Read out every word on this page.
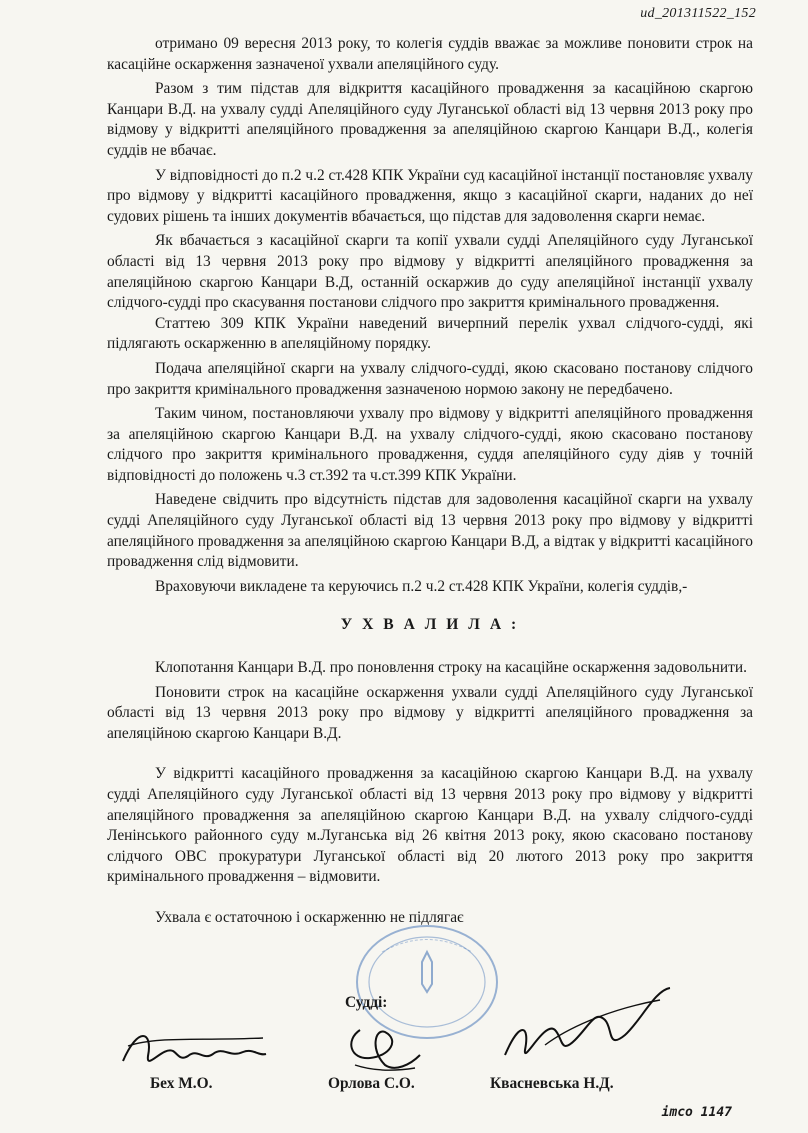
ud_201311522_152

отримано 09 вересня 2013 року, то колегія суддів вважає за можливе поновити строк на касаційне оскарження зазначеної ухвали апеляційного суду.

Разом з тим підстав для відкриття касаційного провадження за касаційною скаргою Канцари В.Д. на ухвалу судді Апеляційного суду Луганської області від 13 червня 2013 року про відмову у відкритті апеляційного провадження за апеляційною скаргою Канцари В.Д., колегія суддів не вбачає.

У відповідності до п.2 ч.2 ст.428 КПК України суд касаційної інстанції постановляє ухвалу про відмову у відкритті касаційного провадження, якщо з касаційної скарги, наданих до неї судових рішень та інших документів вбачається, що підстав для задоволення скарги немає.

Як вбачається з касаційної скарги та копії ухвали судді Апеляційного суду Луганської області від 13 червня 2013 року про відмову у відкритті апеляційного провадження за апеляційною скаргою Канцари В.Д, останній оскаржив до суду апеляційної інстанції ухвалу слідчого-судді про скасування постанови слідчого про закриття кримінального провадження.

Статтею 309 КПК України наведений вичерпний перелік ухвал слідчого-судді, які підлягають оскарженню в апеляційному порядку.

Подача апеляційної скарги на ухвалу слідчого-судді, якою скасовано постанову слідчого про закриття кримінального провадження зазначеною нормою закону не передбачено.

Таким чином, постановляючи ухвалу про відмову у відкритті апеляційного провадження за апеляційною скаргою Канцари В.Д. на ухвалу слідчого-судді, якою скасовано постанову слідчого про закриття кримінального провадження, суддя апеляційного суду діяв у точній відповідності до положень ч.3 ст.392 та ч.ст.399 КПК України.

Наведене свідчить про відсутність підстав для задоволення касаційної скарги на ухвалу судді Апеляційного суду Луганської області від 13 червня 2013 року про відмову у відкритті апеляційного провадження за апеляційною скаргою Канцари В.Д, а відтак у відкритті касаційного провадження слід відмовити.

Враховуючи викладене та керуючись п.2 ч.2 ст.428 КПК України, колегія суддів,-

У Х В А Л И Л А :

Клопотання Канцари В.Д. про поновлення строку на касаційне оскарження задовольнити.

Поновити строк на касаційне оскарження ухвали судді Апеляційного суду Луганської області від 13 червня 2013 року про відмову у відкритті апеляційного провадження за апеляційною скаргою Канцари В.Д.

У відкритті касаційного провадження за касаційною скаргою Канцари В.Д. на ухвалу судді Апеляційного суду Луганської області від 13 червня 2013 року про відмову у відкритті апеляційного провадження за апеляційною скаргою Канцари В.Д. на ухвалу слідчого-судді Ленінського районного суду м.Луганська від 26 квітня 2013 року, якою скасовано постанову слідчого ОВС прокуратури Луганської області від 20 лютого 2013 року про закриття кримінального провадження – відмовити.

Ухвала є остаточною і оскарженню не підлягає

Судді:
Бех М.О.	Орлова С.О.	Квасневська Н.Д.
imco 1147
